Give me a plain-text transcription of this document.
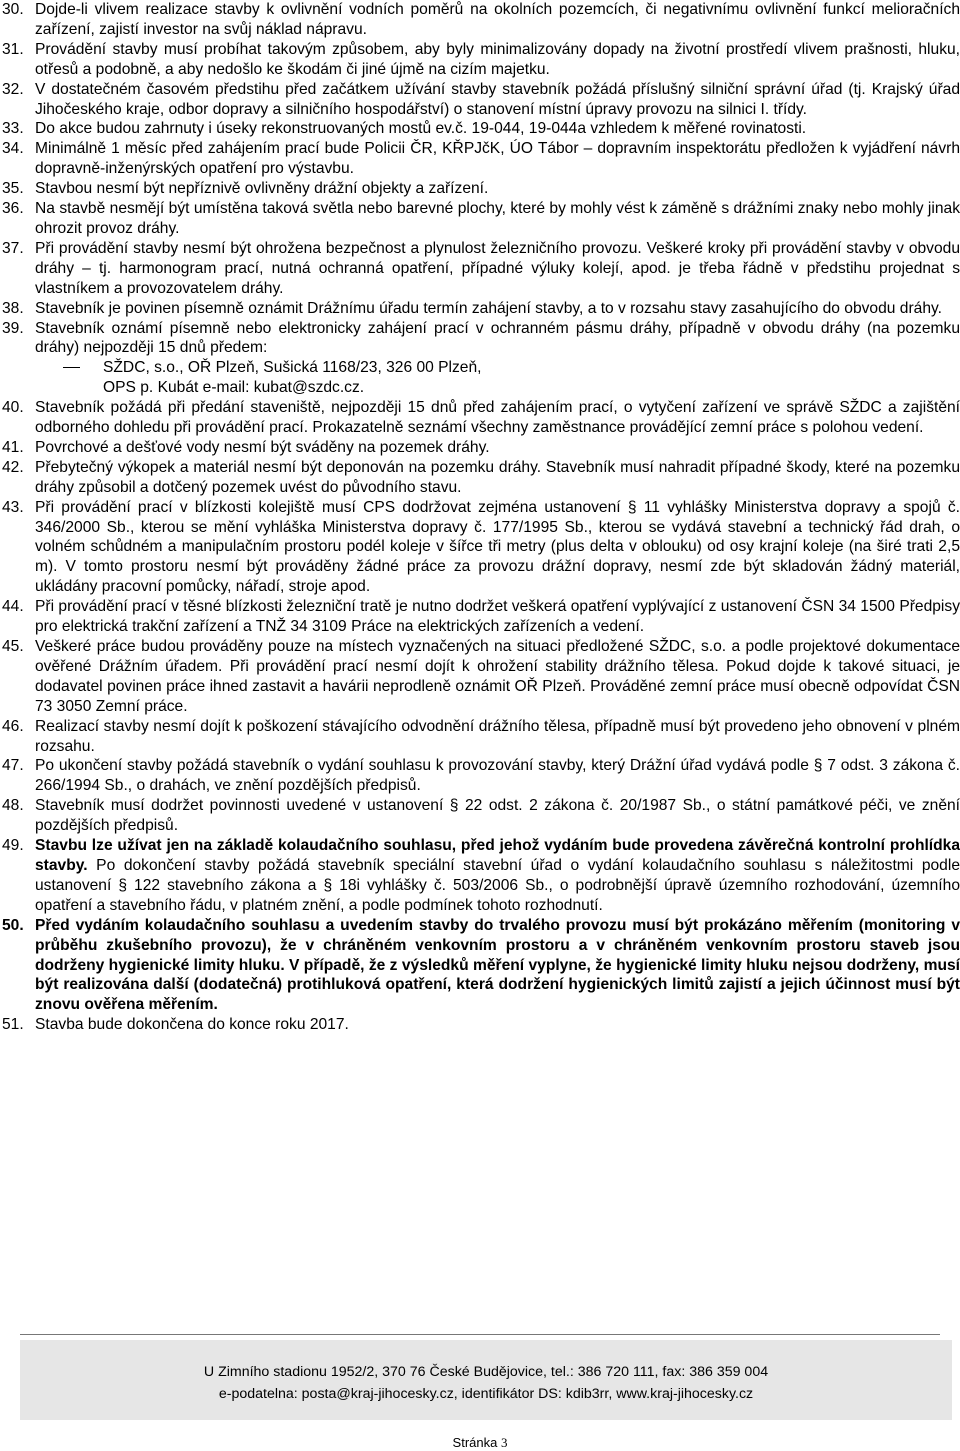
30. Dojde-li vlivem realizace stavby k ovlivnění vodních poměrů na okolních pozemcích, či negativnímu ovlivnění funkcí melioračních zařízení, zajistí investor na svůj náklad nápravu.
31. Provádění stavby musí probíhat takovým způsobem, aby byly minimalizovány dopady na životní prostředí vlivem prašnosti, hluku, otřesů a podobně, a aby nedošlo ke škodám či jiné újmě na cizím majetku.
32. V dostatečném časovém předstihu před začátkem užívání stavby stavebník požádá příslušný silniční správní úřad (tj. Krajský úřad Jihočeského kraje, odbor dopravy a silničního hospodářství) o stanovení místní úpravy provozu na silnici I. třídy.
33. Do akce budou zahrnuty i úseky rekonstruovaných mostů ev.č. 19-044, 19-044a vzhledem k měřené rovinatosti.
34. Minimálně 1 měsíc před zahájením prací bude Policii ČR, KŘPJčK, ÚO Tábor – dopravním inspektorátu předložen k vyjádření návrh dopravně-inženýrských opatření pro výstavbu.
35. Stavbou nesmí být nepříznivě ovlivněny drážní objekty a zařízení.
36. Na stavbě nesmějí být umístěna taková světla nebo barevné plochy, které by mohly vést k záměně s drážními znaky nebo mohly jinak ohrozit provoz dráhy.
37. Při provádění stavby nesmí být ohrožena bezpečnost a plynulost železničního provozu. Veškeré kroky při provádění stavby v obvodu dráhy – tj. harmonogram prací, nutná ochranná opatření, případné výluky kolejí, apod. je třeba řádně v předstihu projednat s vlastníkem a provozovatelem dráhy.
38. Stavebník je povinen písemně oznámit Drážnímu úřadu termín zahájení stavby, a to v rozsahu stavy zasahujícího do obvodu dráhy.
39. Stavebník oznámí písemně nebo elektronicky zahájení prací v ochranném pásmu dráhy, případně v obvodu dráhy (na pozemku dráhy) nejpozději 15 dnů předem:
SŽDC, s.o., OŘ Plzeň, Sušická 1168/23, 326 00 Plzeň,
OPS p. Kubát e-mail: kubat@szdc.cz.
40. Stavebník požádá při předání staveniště, nejpozději 15 dnů před zahájením prací, o vytyčení zařízení ve správě SŽDC a zajištění odborného dohledu při provádění prací. Prokazatelně seznámí všechny zaměstnance provádějící zemní práce s polohou vedení.
41. Povrchové a dešťové vody nesmí být sváděny na pozemek dráhy.
42. Přebytečný výkopek a materiál nesmí být deponován na pozemku dráhy. Stavebník musí nahradit případné škody, které na pozemku dráhy způsobil a dotčený pozemek uvést do původního stavu.
43. Při provádění prací v blízkosti kolejiště musí CPS dodržovat zejména ustanovení § 11 vyhlášky Ministerstva dopravy a spojů č. 346/2000 Sb., kterou se mění vyhláška Ministerstva dopravy č. 177/1995 Sb., kterou se vydává stavební a technický řád drah, o volném schůdném a manipulačním prostoru podél koleje v šířce tři metry (plus delta v oblouku) od osy krajní koleje (na širé trati 2,5 m). V tomto prostoru nesmí být prováděny žádné práce za provozu drážní dopravy, nesmí zde být skladován žádný materiál, ukládány pracovní pomůcky, nářadí, stroje apod.
44. Při provádění prací v těsné blízkosti železniční tratě je nutno dodržet veškerá opatření vyplývající z ustanovení ČSN 34 1500 Předpisy pro elektrická trakční zařízení a TNŽ 34 3109 Práce na elektrických zařízeních a vedení.
45. Veškeré práce budou prováděny pouze na místech vyznačených na situaci předložené SŽDC, s.o. a podle projektové dokumentace ověřené Drážním úřadem. Při provádění prací nesmí dojít k ohrožení stability drážního tělesa. Pokud dojde k takové situaci, je dodavatel povinen práce ihned zastavit a havárii neprodleně oznámit OŘ Plzeň. Prováděné zemní práce musí obecně odpovídat ČSN 73 3050 Zemní práce.
46. Realizací stavby nesmí dojít k poškození stávajícího odvodnění drážního tělesa, případně musí být provedeno jeho obnovení v plném rozsahu.
47. Po ukončení stavby požádá stavebník o vydání souhlasu k provozování stavby, který Drážní úřad vydává podle § 7 odst. 3 zákona č. 266/1994 Sb., o drahách, ve znění pozdějších předpisů.
48. Stavebník musí dodržet povinnosti uvedené v ustanovení § 22 odst. 2 zákona č. 20/1987 Sb., o státní památkové péči, ve znění pozdějších předpisů.
49. Stavbu lze užívat jen na základě kolaudačního souhlasu, před jehož vydáním bude provedena závěrečná kontrolní prohlídka stavby. Po dokončení stavby požádá stavebník speciální stavební úřad o vydání kolaudačního souhlasu s náležitostmi podle ustanovení § 122 stavebního zákona a § 18i vyhlášky č. 503/2006 Sb., o podrobnější úpravě územního rozhodování, územního opatření a stavebního řádu, v platném znění, a podle podmínek tohoto rozhodnutí.
50. Před vydáním kolaudačního souhlasu a uvedením stavby do trvalého provozu musí být prokázáno měřením (monitoring v průběhu zkušebního provozu), že v chráněném venkovním prostoru a v chráněném venkovním prostoru staveb jsou dodrženy hygienické limity hluku. V případě, že z výsledků měření vyplyne, že hygienické limity hluku nejsou dodrženy, musí být realizována další (dodatečná) protihluková opatření, která dodržení hygienických limitů zajistí a jejich účinnost musí být znovu ověřena měřením.
51. Stavba bude dokončena do konce roku 2017.
U Zimního stadionu 1952/2, 370 76 České Budějovice, tel.: 386 720 111, fax: 386 359 004
e-podatelna: posta@kraj-jihocesky.cz, identifikátor DS: kdib3rr, www.kraj-jihocesky.cz
Stránka 3
